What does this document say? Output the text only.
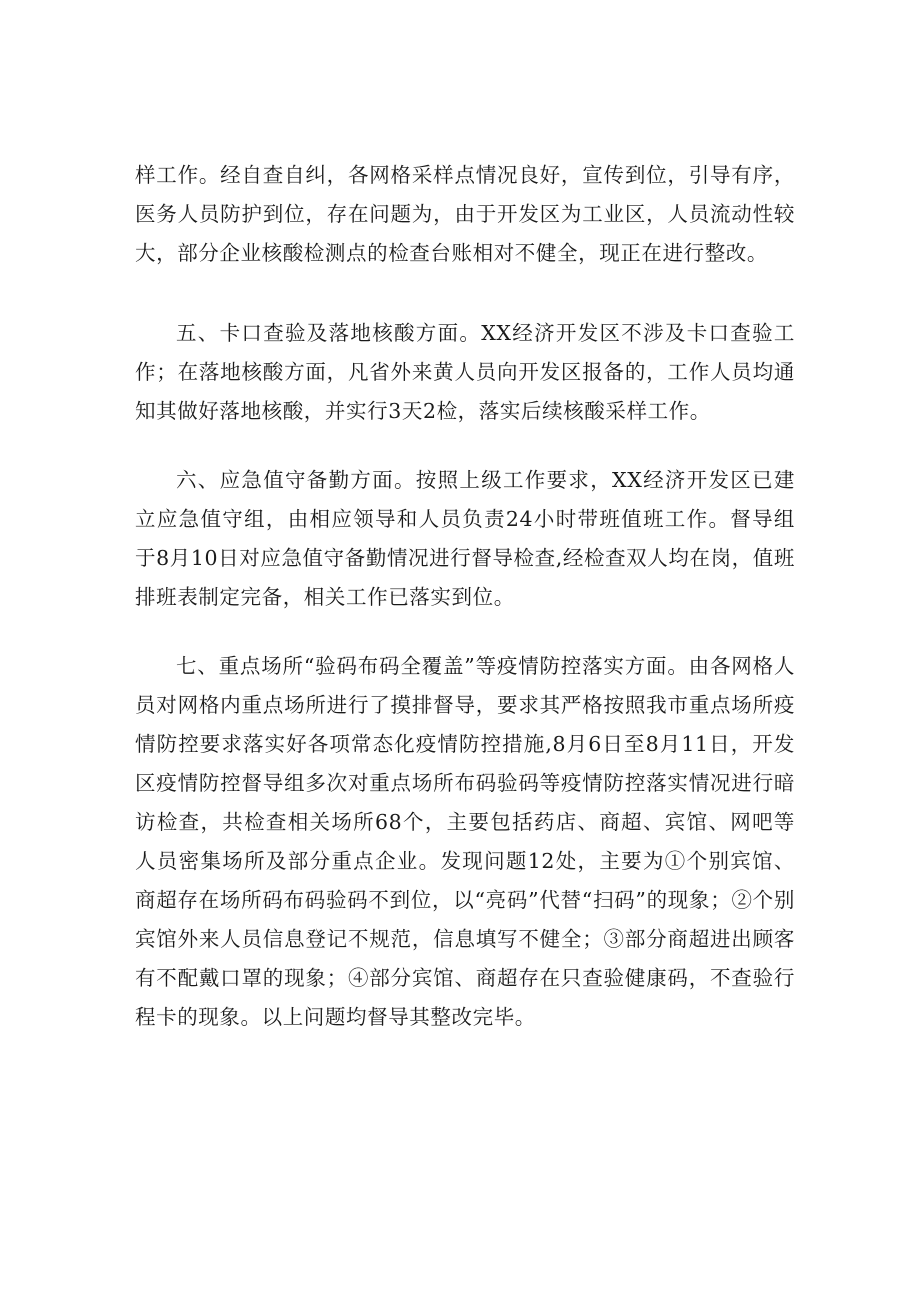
样工作。经自查自纠，各网格采样点情况良好，宣传到位，引导有序，医务人员防护到位，存在问题为，由于开发区为工业区，人员流动性较大，部分企业核酸检测点的检查台账相对不健全，现正在进行整改。

五、卡口查验及落地核酸方面。XX经济开发区不涉及卡口查验工作；在落地核酸方面，凡省外来黄人员向开发区报备的，工作人员均通知其做好落地核酸，并实行3天2检，落实后续核酸采样工作。

六、应急值守备勤方面。按照上级工作要求，XX经济开发区已建立应急值守组，由相应领导和人员负责24小时带班值班工作。督导组于8月10日对应急值守备勤情况进行督导检查,经检查双人均在岗，值班排班表制定完备，相关工作已落实到位。

七、重点场所“验码布码全覆盖”等疫情防控落实方面。由各网格人员对网格内重点场所进行了摸排督导，要求其严格按照我市重点场所疫情防控要求落实好各项常态化疫情防控措施,8月6日至8月11日，开发区疫情防控督导组多次对重点场所布码验码等疫情防控落实情况进行暗访检查，共检查相关场所68个，主要包括药店、商超、宾馆、网吧等人员密集场所及部分重点企业。发现问题12处，主要为①个别宾馆、商超存在场所码布码验码不到位，以“亮码”代替“扫码”的现象；②个别宾馆外来人员信息登记不规范，信息填写不健全；③部分商超进出顾客有不配戴口罩的现象；④部分宾馆、商超存在只查验健康码，不查验行程卡的现象。以上问题均督导其整改完毕。
